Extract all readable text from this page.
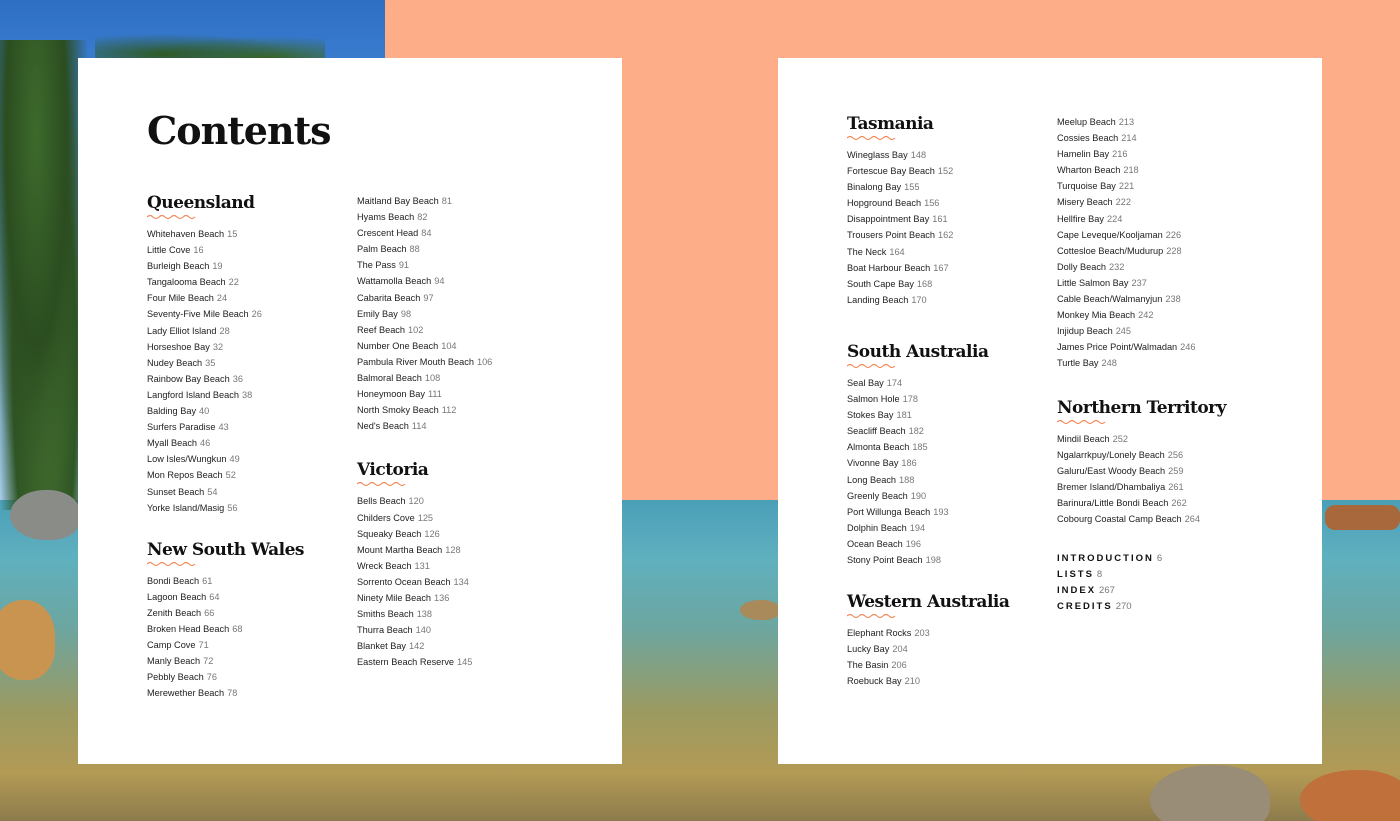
Contents
Queensland
Whitehaven Beach 15
Little Cove 16
Burleigh Beach 19
Tangalooma Beach 22
Four Mile Beach 24
Seventy-Five Mile Beach 26
Lady Elliot Island 28
Horseshoe Bay 32
Nudey Beach 35
Rainbow Bay Beach 36
Langford Island Beach 38
Balding Bay 40
Surfers Paradise 43
Myall Beach 46
Low Isles/Wungkun 49
Mon Repos Beach 52
Sunset Beach 54
Yorke Island/Masig 56
New South Wales
Bondi Beach 61
Lagoon Beach 64
Zenith Beach 66
Broken Head Beach 68
Camp Cove 71
Manly Beach 72
Pebbly Beach 76
Merewether Beach 78
Maitland Bay Beach 81
Hyams Beach 82
Crescent Head 84
Palm Beach 88
The Pass 91
Wattamolla Beach 94
Cabarita Beach 97
Emily Bay 98
Reef Beach 102
Number One Beach 104
Pambula River Mouth Beach 106
Balmoral Beach 108
Honeymoon Bay 111
North Smoky Beach 112
Ned's Beach 114
Victoria
Bells Beach 120
Childers Cove 125
Squeaky Beach 126
Mount Martha Beach 128
Wreck Beach 131
Sorrento Ocean Beach 134
Ninety Mile Beach 136
Smiths Beach 138
Thurra Beach 140
Blanket Bay 142
Eastern Beach Reserve 145
Tasmania
Wineglass Bay 148
Fortescue Bay Beach 152
Binalong Bay 155
Hopground Beach 156
Disappointment Bay 161
Trousers Point Beach 162
The Neck 164
Boat Harbour Beach 167
South Cape Bay 168
Landing Beach 170
South Australia
Seal Bay 174
Salmon Hole 178
Stokes Bay 181
Seacliff Beach 182
Almonta Beach 185
Vivonne Bay 186
Long Beach 188
Greenly Beach 190
Port Willunga Beach 193
Dolphin Beach 194
Ocean Beach 196
Stony Point Beach 198
Western Australia
Elephant Rocks 203
Lucky Bay 204
The Basin 206
Roebuck Bay 210
Meelup Beach 213
Cossies Beach 214
Hamelin Bay 216
Wharton Beach 218
Turquoise Bay 221
Misery Beach 222
Hellfire Bay 224
Cape Leveque/Kooljaman 226
Cottesloe Beach/Mudurup 228
Dolly Beach 232
Little Salmon Bay 237
Cable Beach/Walmanyjun 238
Monkey Mia Beach 242
Injidup Beach 245
James Price Point/Walmadan 246
Turtle Bay 248
Northern Territory
Mindil Beach 252
Ngalarrkpuy/Lonely Beach 256
Galuru/East Woody Beach 259
Bremer Island/Dhambaliya 261
Barinura/Little Bondi Beach 262
Cobourg Coastal Camp Beach 264
INTRODUCTION 6
LISTS 8
INDEX 267
CREDITS 270
